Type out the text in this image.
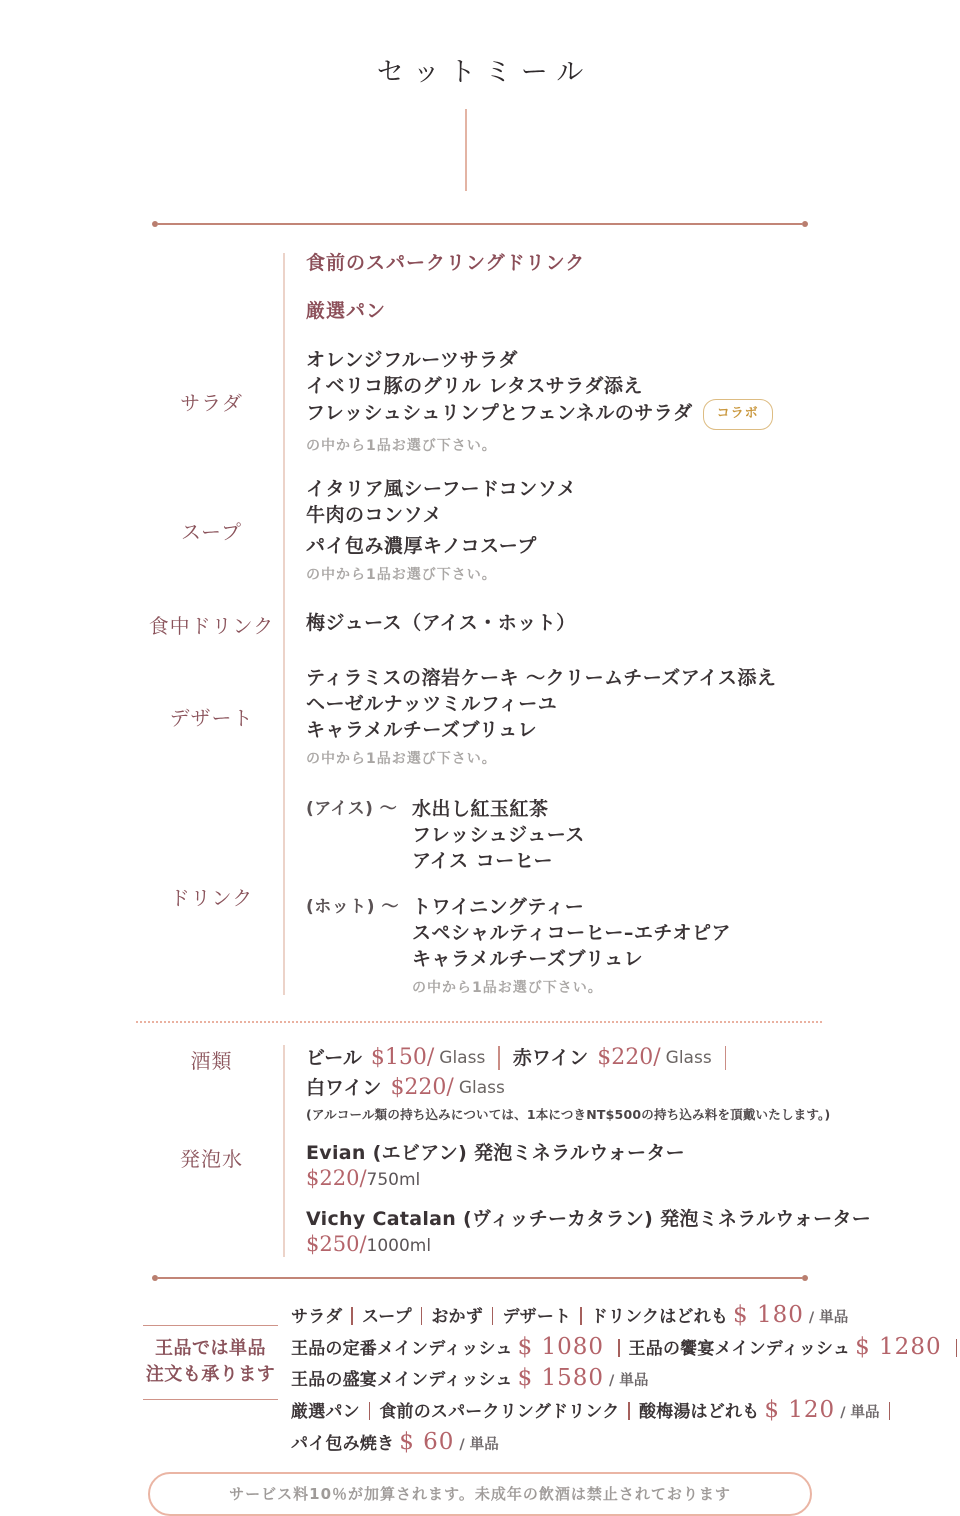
セットミール
食前のスパークリングドリンク
厳選パン
サラダ
オレンジフルーツサラダ
イベリコ豚のグリル レタスサラダ添え
フレッシュシュリンプとフェンネルのサラダ コラボ
の中から1品お選び下さい。
スープ
イタリア風シーフードコンソメ
牛肉のコンソメ
パイ包み濃厚キノコスープ
の中から1品お選び下さい。
食中ドリンク	梅ジュース（アイス・ホット）
デザート
ティラミスの溶岩ケーキ ～クリームチーズアイス添え
ヘーゼルナッツミルフィーユ
キャラメルチーズブリュレ
の中から1品お選び下さい。
ドリンク
(アイス) ～ 水出し紅玉紅茶
フレッシュジュース
アイス コーヒー
(ホット) ～ トワイニングティー
スペシャルティコーヒー–エチオピア
キャラメルチーズブリュレ
の中から1品お選び下さい。
酒類	ビール $150/ Glass 赤ワイン $220/ Glass
白ワイン $220/ Glass
(アルコール類の持ち込みについては、1本につきNT$500の持ち込み料を頂戴いたします。)
発泡水	Evian (エビアン) 発泡ミネラルウォーター
$220/750ml
Vichy Catalan (ヴィッチーカタラン) 発泡ミネラルウォーター
$250/1000ml
王品では単品
注文も承ります
サラダ スープ おかず デザート ドリンクはどれも $ 180 / 単品
王品の定番メインディッシュ $ 1080 王品の饗宴メインディッシュ $ 1280
王品の盛宴メインディッシュ $ 1580 / 単品
厳選パン 食前のスパークリングドリンク 酸梅湯はどれも $ 120 / 単品
パイ包み焼き $ 60 / 単品
サービス料10％が加算されます。未成年の飲酒は禁止されております
